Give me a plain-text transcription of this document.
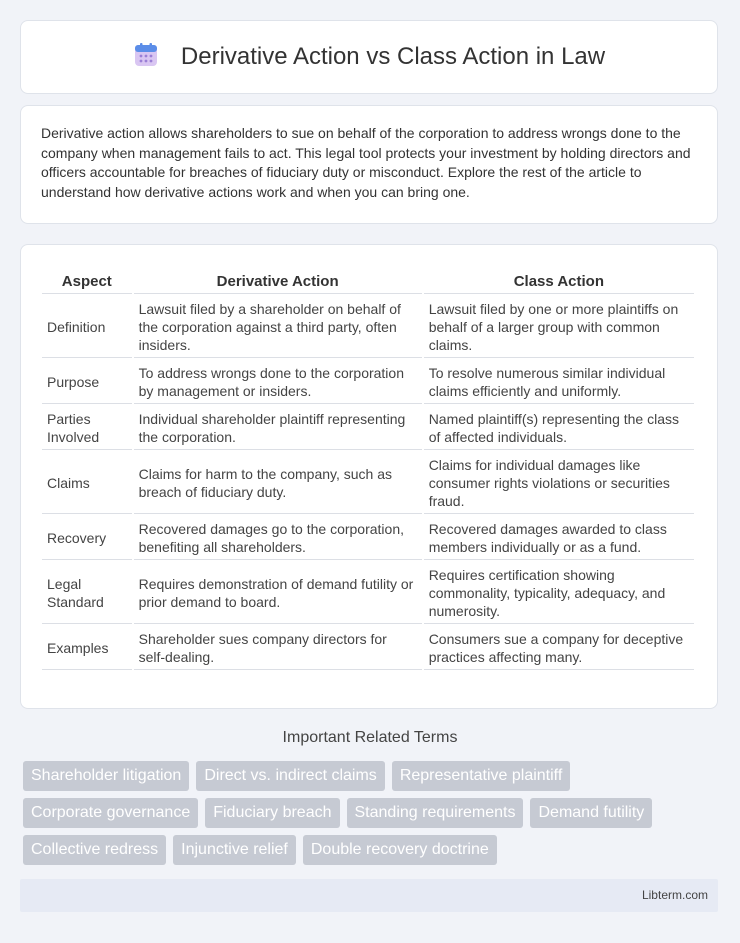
Derivative Action vs Class Action in Law

Derivative action allows shareholders to sue on behalf of the corporation to address wrongs done to the company when management fails to act. This legal tool protects your investment by holding directors and officers accountable for breaches of fiduciary duty or misconduct. Explore the rest of the article to understand how derivative actions work and when you can bring one.

Aspect	Derivative Action	Class Action
Definition	Lawsuit filed by a shareholder on behalf of the corporation against a third party, often insiders.	Lawsuit filed by one or more plaintiffs on behalf of a larger group with common claims.
Purpose	To address wrongs done to the corporation by management or insiders.	To resolve numerous similar individual claims efficiently and uniformly.
Parties Involved	Individual shareholder plaintiff representing the corporation.	Named plaintiff(s) representing the class of affected individuals.
Claims	Claims for harm to the company, such as breach of fiduciary duty.	Claims for individual damages like consumer rights violations or securities fraud.
Recovery	Recovered damages go to the corporation, benefiting all shareholders.	Recovered damages awarded to class members individually or as a fund.
Legal Standard	Requires demonstration of demand futility or prior demand to board.	Requires certification showing commonality, typicality, adequacy, and numerosity.
Examples	Shareholder sues company directors for self-dealing.	Consumers sue a company for deceptive practices affecting many.
Important Related Terms
Shareholder litigation	Direct vs. indirect claims	Representative plaintiff
Corporate governance	Fiduciary breach	Standing requirements	Demand futility
Collective redress	Injunctive relief	Double recovery doctrine
Libterm.com
